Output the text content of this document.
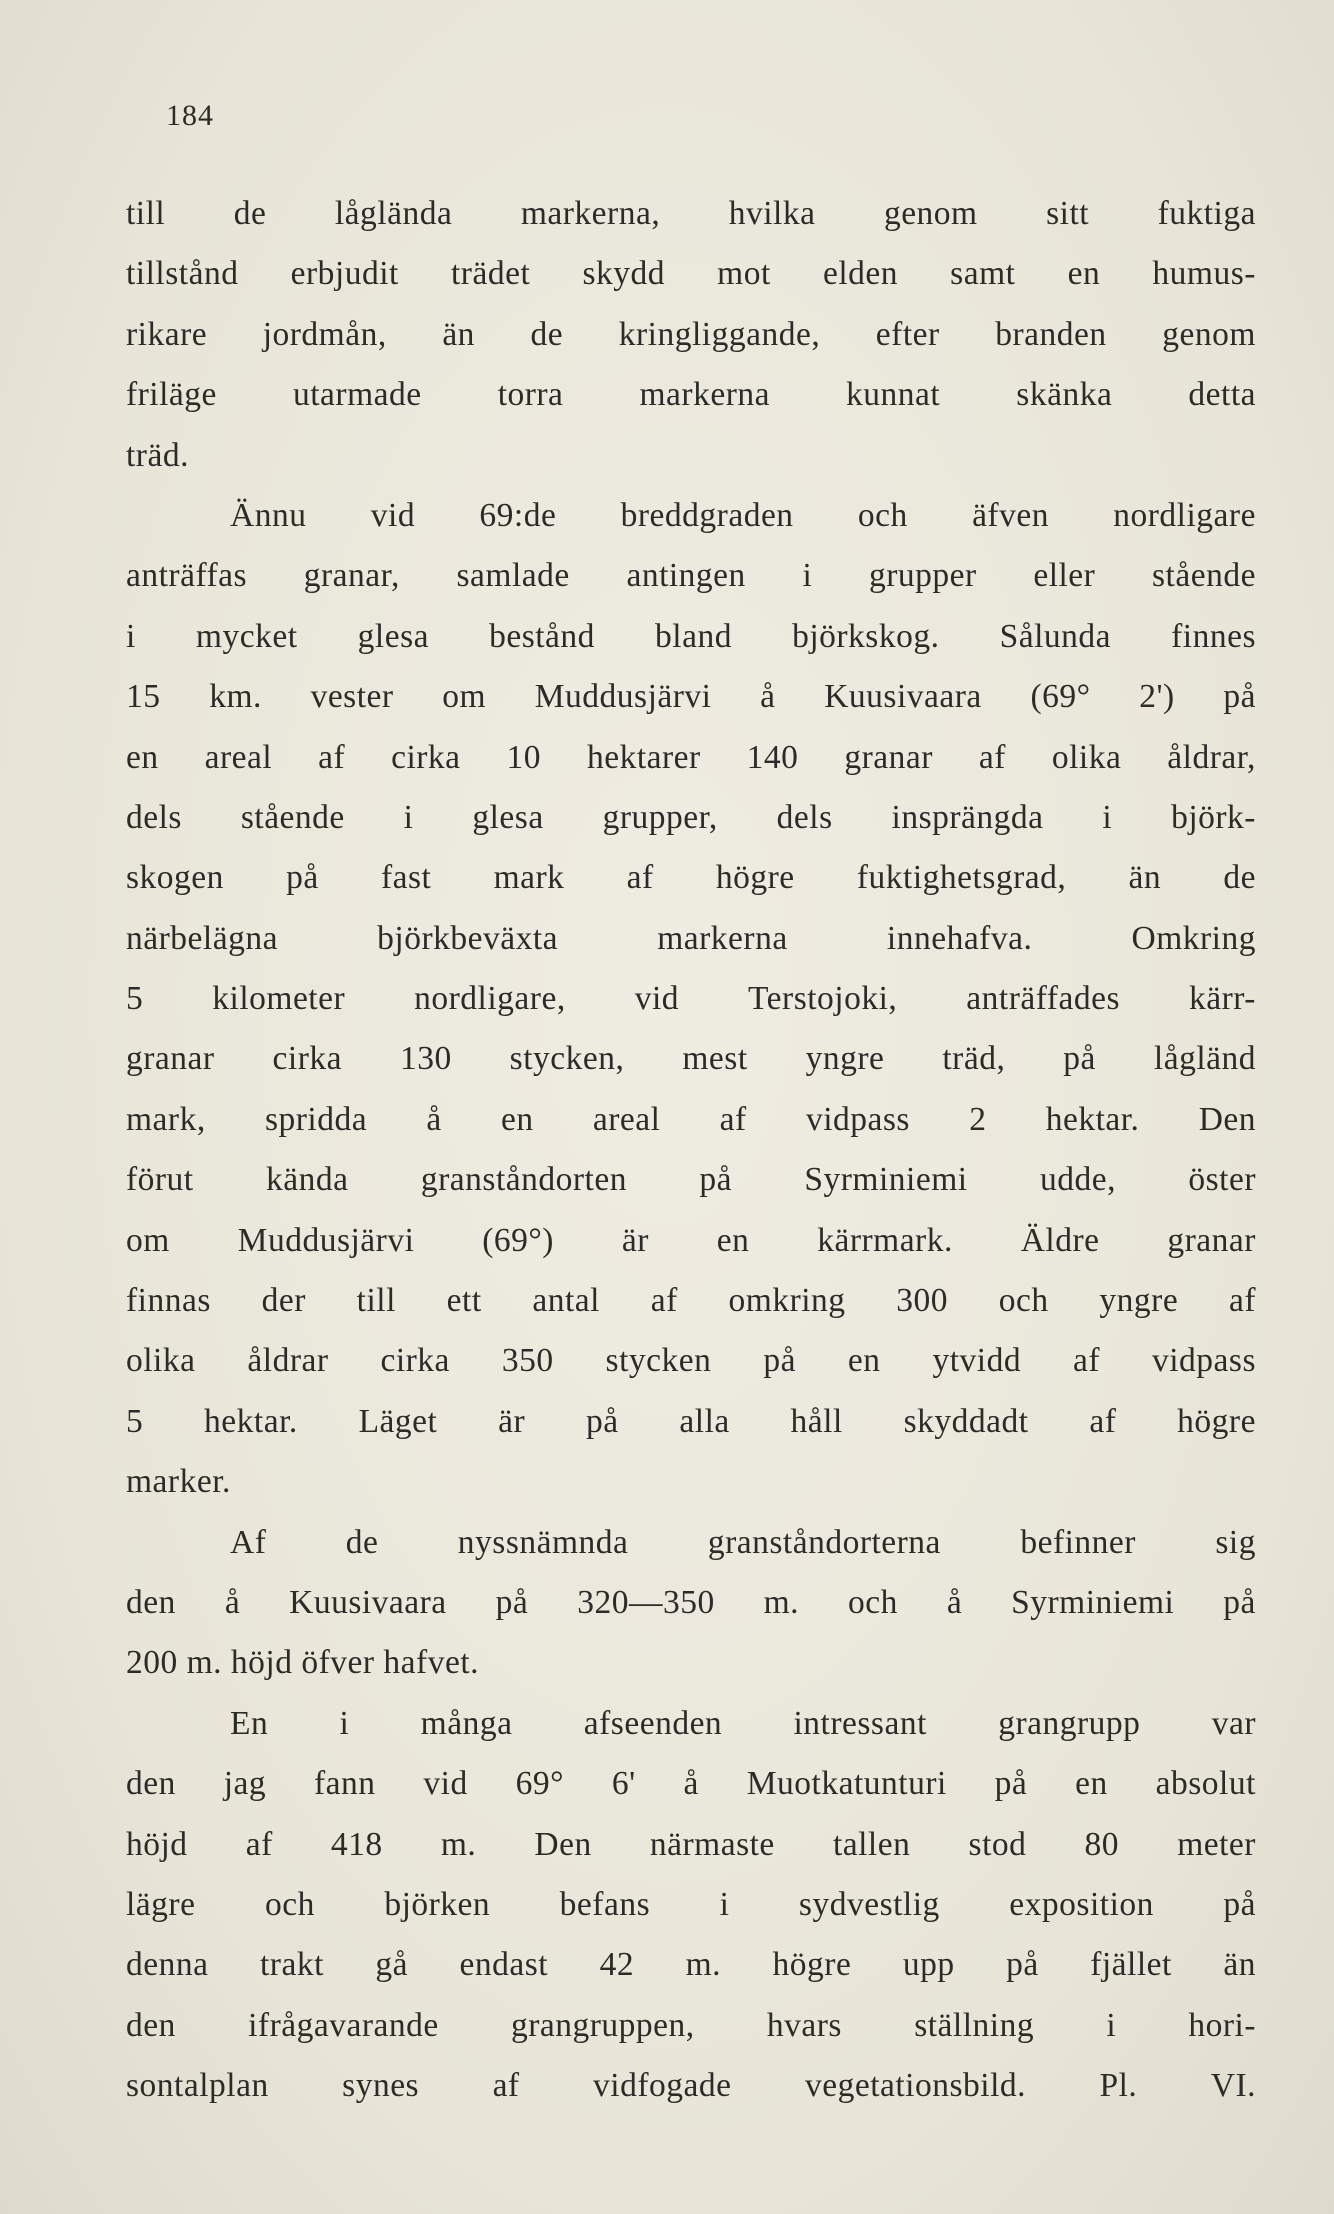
184
till de låglända markerna, hvilka genom sitt fuktiga
tillstånd erbjudit trädet skydd mot elden samt en humus-
rikare jordmån, än de kringliggande, efter branden genom
friläge utarmade torra markerna kunnat skänka detta
träd.
Ännu vid 69:de breddgraden och äfven nordligare
anträffas granar, samlade antingen i grupper eller stående
i mycket glesa bestånd bland björkskog. Sålunda finnes
15 km. vester om Muddusjärvi å Kuusivaara (69° 2') på
en areal af cirka 10 hektarer 140 granar af olika åldrar,
dels stående i glesa grupper, dels insprängda i björk-
skogen på fast mark af högre fuktighetsgrad, än de
närbelägna	björkbeväxta	markerna	innehafva.	Omkring
5 kilometer nordligare, vid Terstojoki, anträffades kärr-
granar cirka 130 stycken, mest yngre träd, på lågländ
mark, spridda å en areal af vidpass 2 hektar. Den
förut kända granståndorten på Syrminiemi udde, öster
om Muddusjärvi (69°) är en kärrmark. Äldre granar
finnas der till ett antal af omkring 300 och yngre af
olika åldrar cirka 350 stycken på en ytvidd af vidpass
5 hektar. Läget är på alla håll skyddadt af högre
marker.
Af de nyssnämnda granståndorterna befinner sig
den å Kuusivaara på 320—350 m. och å Syrminiemi på
200 m. höjd öfver hafvet.
En i många afseenden intressant grangrupp var
den jag fann vid 69° 6' å Muotkatunturi på en absolut
höjd af 418 m. Den närmaste tallen stod 80 meter
lägre och björken befans i sydvestlig exposition på
denna trakt gå endast 42 m. högre upp på fjället än
den ifrågavarande grangruppen, hvars ställning i hori-
sontalplan synes af vidfogade vegetationsbild. Pl. VI.
